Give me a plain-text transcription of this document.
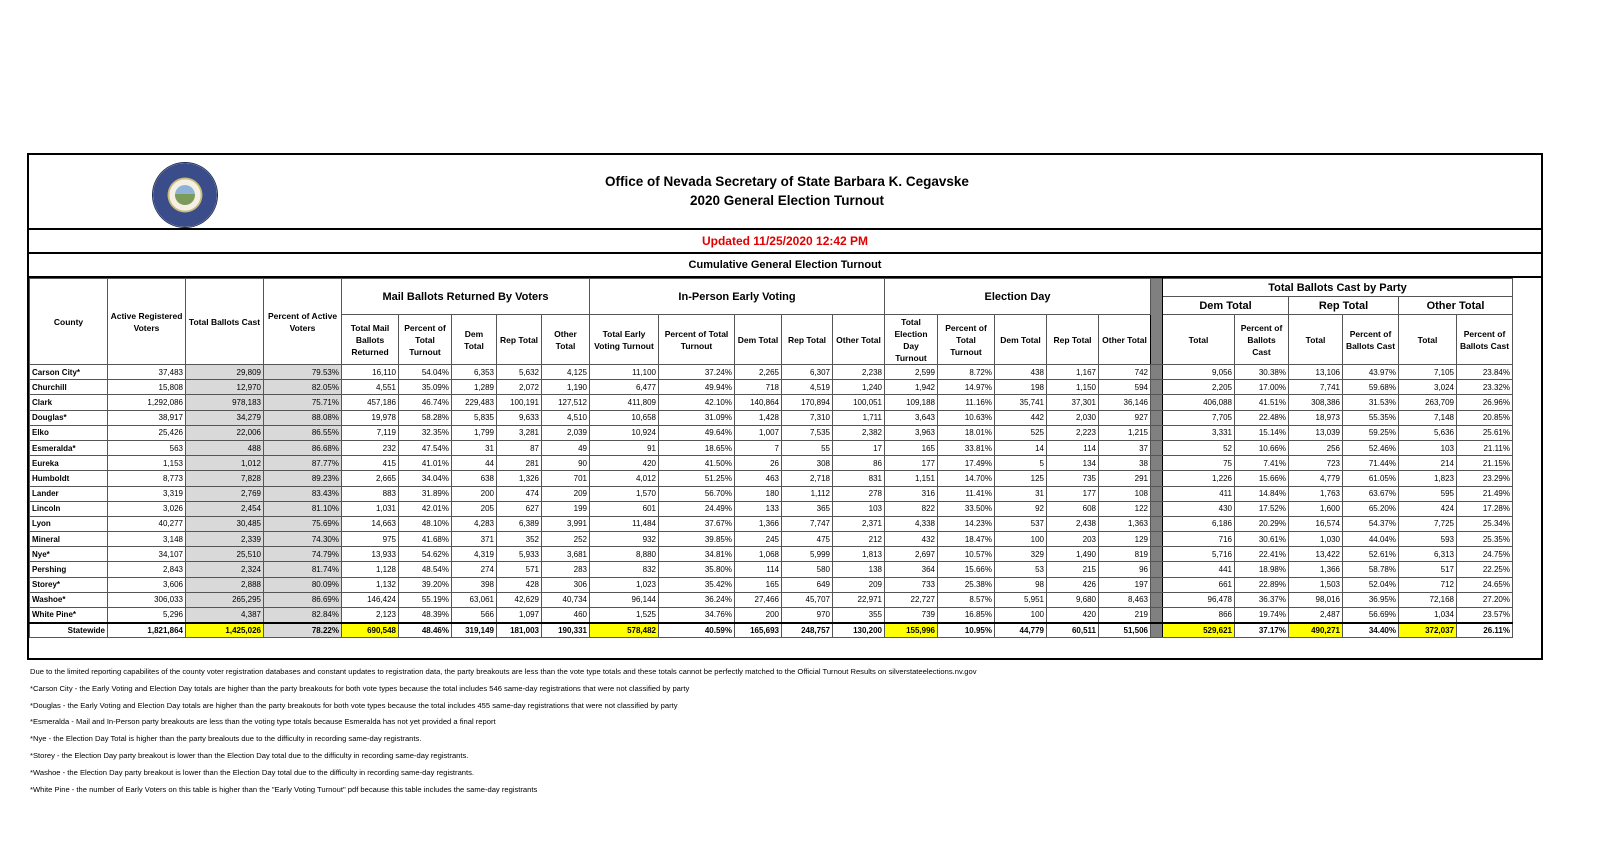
Office of Nevada Secretary of State Barbara K. Cegavske
2020 General Election Turnout
Updated 11/25/2020 12:42 PM
Cumulative General Election Turnout
County	Active Registered Voters	Total Ballots Cast	Percent of Active Voters	Mail Ballots Returned By Voters					In-Person Early Voting					Election Day						Total Ballots Cast by Party					
																				Dem Total		Rep Total		Other Total	
				Total Mail Ballots Returned	Percent of Total Turnout	Dem Total	Rep Total	Other Total	Total Early Voting Turnout	Percent of Total Turnout	Dem Total	Rep Total	Other Total	Total Election Day Turnout	Percent of Total Turnout	Dem Total	Rep Total	Other Total		Total	Percent of Ballots Cast	Total	Percent of Ballots Cast	Total	Percent of Ballots Cast
Carson City*	37,483	29,809	79.53%	16,110	54.04%	6,353	5,632	4,125	11,100	37.24%	2,265	6,307	2,238	2,599	8.72%	438	1,167	742		9,056	30.38%	13,106	43.97%	7,105	23.84%
Churchill	15,808	12,970	82.05%	4,551	35.09%	1,289	2,072	1,190	6,477	49.94%	718	4,519	1,240	1,942	14.97%	198	1,150	594		2,205	17.00%	7,741	59.68%	3,024	23.32%
Clark	1,292,086	978,183	75.71%	457,186	46.74%	229,483	100,191	127,512	411,809	42.10%	140,864	170,894	100,051	109,188	11.16%	35,741	37,301	36,146		406,088	41.51%	308,386	31.53%	263,709	26.96%
Douglas*	38,917	34,279	88.08%	19,978	58.28%	5,835	9,633	4,510	10,658	31.09%	1,428	7,310	1,711	3,643	10.63%	442	2,030	927		7,705	22.48%	18,973	55.35%	7,148	20.85%
Elko	25,426	22,006	86.55%	7,119	32.35%	1,799	3,281	2,039	10,924	49.64%	1,007	7,535	2,382	3,963	18.01%	525	2,223	1,215		3,331	15.14%	13,039	59.25%	5,636	25.61%
Esmeralda*	563	488	86.68%	232	47.54%	31	87	49	91	18.65%	7	55	17	165	33.81%	14	114	37		52	10.66%	256	52.46%	103	21.11%
Eureka	1,153	1,012	87.77%	415	41.01%	44	281	90	420	41.50%	26	308	86	177	17.49%	5	134	38		75	7.41%	723	71.44%	214	21.15%
Humboldt	8,773	7,828	89.23%	2,665	34.04%	638	1,326	701	4,012	51.25%	463	2,718	831	1,151	14.70%	125	735	291		1,226	15.66%	4,779	61.05%	1,823	23.29%
Lander	3,319	2,769	83.43%	883	31.89%	200	474	209	1,570	56.70%	180	1,112	278	316	11.41%	31	177	108		411	14.84%	1,763	63.67%	595	21.49%
Lincoln	3,026	2,454	81.10%	1,031	42.01%	205	627	199	601	24.49%	133	365	103	822	33.50%	92	608	122		430	17.52%	1,600	65.20%	424	17.28%
Lyon	40,277	30,485	75.69%	14,663	48.10%	4,283	6,389	3,991	11,484	37.67%	1,366	7,747	2,371	4,338	14.23%	537	2,438	1,363		6,186	20.29%	16,574	54.37%	7,725	25.34%
Mineral	3,148	2,339	74.30%	975	41.68%	371	352	252	932	39.85%	245	475	212	432	18.47%	100	203	129		716	30.61%	1,030	44.04%	593	25.35%
Nye*	34,107	25,510	74.79%	13,933	54.62%	4,319	5,933	3,681	8,880	34.81%	1,068	5,999	1,813	2,697	10.57%	329	1,490	819		5,716	22.41%	13,422	52.61%	6,313	24.75%
Pershing	2,843	2,324	81.74%	1,128	48.54%	274	571	283	832	35.80%	114	580	138	364	15.66%	53	215	96		441	18.98%	1,366	58.78%	517	22.25%
Storey*	3,606	2,888	80.09%	1,132	39.20%	398	428	306	1,023	35.42%	165	649	209	733	25.38%	98	426	197		661	22.89%	1,503	52.04%	712	24.65%
Washoe*	306,033	265,295	86.69%	146,424	55.19%	63,061	42,629	40,734	96,144	36.24%	27,466	45,707	22,971	22,727	8.57%	5,951	9,680	8,463		96,478	36.37%	98,016	36.95%	72,168	27.20%
White Pine*	5,296	4,387	82.84%	2,123	48.39%	566	1,097	460	1,525	34.76%	200	970	355	739	16.85%	100	420	219		866	19.74%	2,487	56.69%	1,034	23.57%
Statewide	1,821,864	1,425,026	78.22%	690,548	48.46%	319,149	181,003	190,331	578,482	40.59%	165,693	248,757	130,200	155,996	10.95%	44,779	60,511	51,506		529,621	37.17%	490,271	34.40%	372,037	26.11%
Due to the limited reporting capabilites of the county voter registration databases and constant updates to registration data, the party breakouts are less than the vote type totals and these totals cannot be perfectly matched to the Official Turnout Results on silverstateelections.nv.gov
*Carson City - the Early Voting and Election Day totals are higher than the party breakouts for both vote types because the total includes 546 same-day registrations that were not classified by party
*Douglas - the Early Voting and Election Day totals are higher than the party breakouts for both vote types because the total includes 455 same-day registrations that were not classified by party
*Esmeralda - Mail and In-Person party breakouts are less than the voting type totals because Esmeralda has not yet provided a final report
*Nye - the Election Day Total is higher than the party brealouts due to the difficulty in recording same-day registrants.
*Storey - the Election Day party breakout is lower than the Election Day total due to the difficulty in recording same-day registrants.
*Washoe - the Election Day party breakout is lower than the Election Day total due to the difficulty in recording same-day registrants.
*White Pine - the number of Early Voters on this table is higher than the "Early Voting Turnout" pdf because this table includes the same-day registrants
